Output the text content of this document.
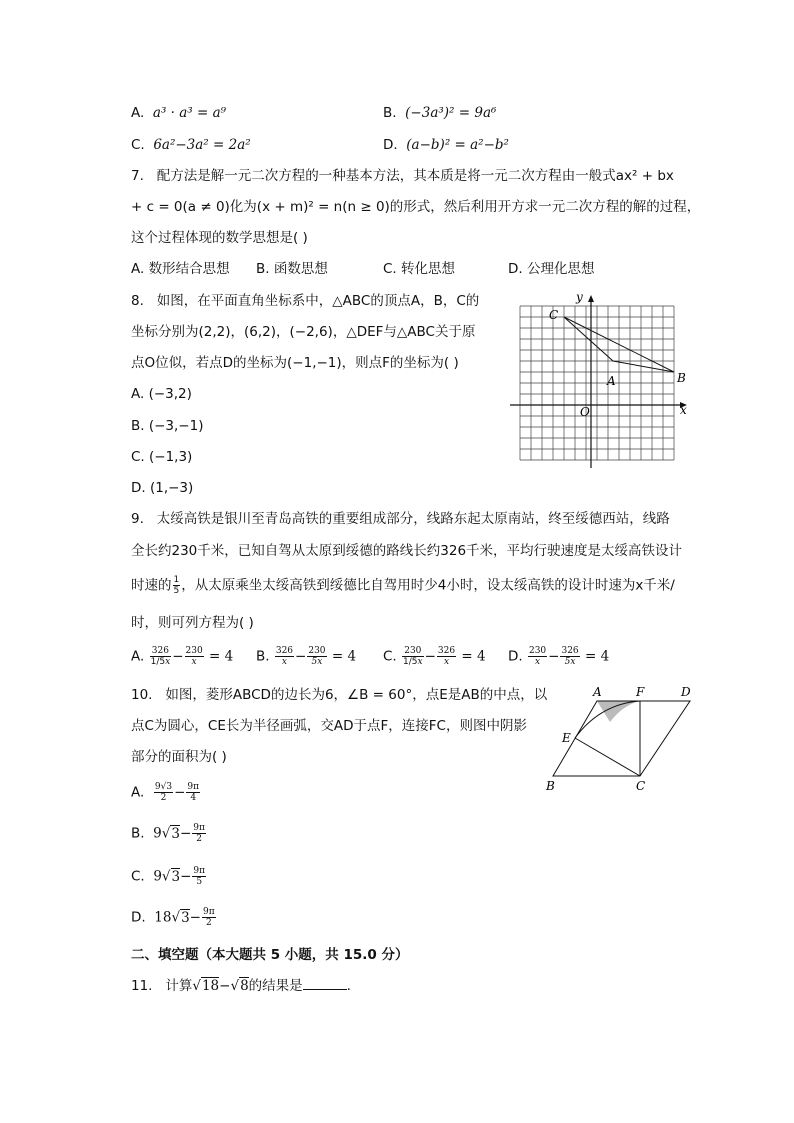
A. a³ · a³ = a⁹	B. (−3a³)² = 9a⁶
C. 6a²−3a² = 2a²	D. (a−b)² = a²−b²
7. 配方法是解一元二次方程的一种基本方法，其本质是将一元二次方程由一般式ax² + bx
+ c = 0(a ≠ 0)化为(x + m)² = n(n ≥ 0)的形式，然后利用开方求一元二次方程的解的过程，
这个过程体现的数学思想是( )
A. 数形结合思想 B. 函数思想	C. 转化思想	D. 公理化思想
8. 如图，在平面直角坐标系中，△ABC的顶点A，B，C的
坐标分别为(2,2)，(6,2)，(−2,6)，△DEF与△ABC关于原
点O位似，若点D的坐标为(−1,−1)，则点F的坐标为( )
A. (−3,2)
B. (−3,−1)
C. (−1,3)
D. (1,−3)
C
A	B
O	x
y
9. 太绥高铁是银川至青岛高铁的重要组成部分，线路东起太原南站，终至绥德西站，线路
全长约230千米，已知自驾从太原到绥德的路线长约326千米，平均行驶速度是太绥高铁设计
时速的 $\frac{1}{5}$ ，从太原乘坐太绥高铁到绥德比自驾用时少4小时，设太绥高铁的设计时速为x千米/
时，则可列方程为( )
A. $\frac{326}{1/5x} - \frac{230}{x} = 4$ B. $\frac{326}{x} - \frac{230}{5x} = 4$ C. $\frac{230}{1/5x} - \frac{326}{x} = 4$ D. $\frac{230}{x} - \frac{326}{5x} = 4$
10. 如图，菱形ABCD的边长为6，∠B = 60°，点E是AB的中点，以
点C为圆心，CE长为半径画弧，交AD于点F，连接FC，则图中阴影
部分的面积为( )
A. $\frac{9√3}{2} - \frac{9\pi}{4}$
B. $9√3- \frac{9\pi}{2}$
C. $9√3- \frac{9\pi}{5}$
D. $18√3- \frac{9\pi}{2}$
A	F	D
E
B	C
二、填空题（本大题共 5 小题，共 15.0 分）
11. 计算√18−√8的结果是	.
